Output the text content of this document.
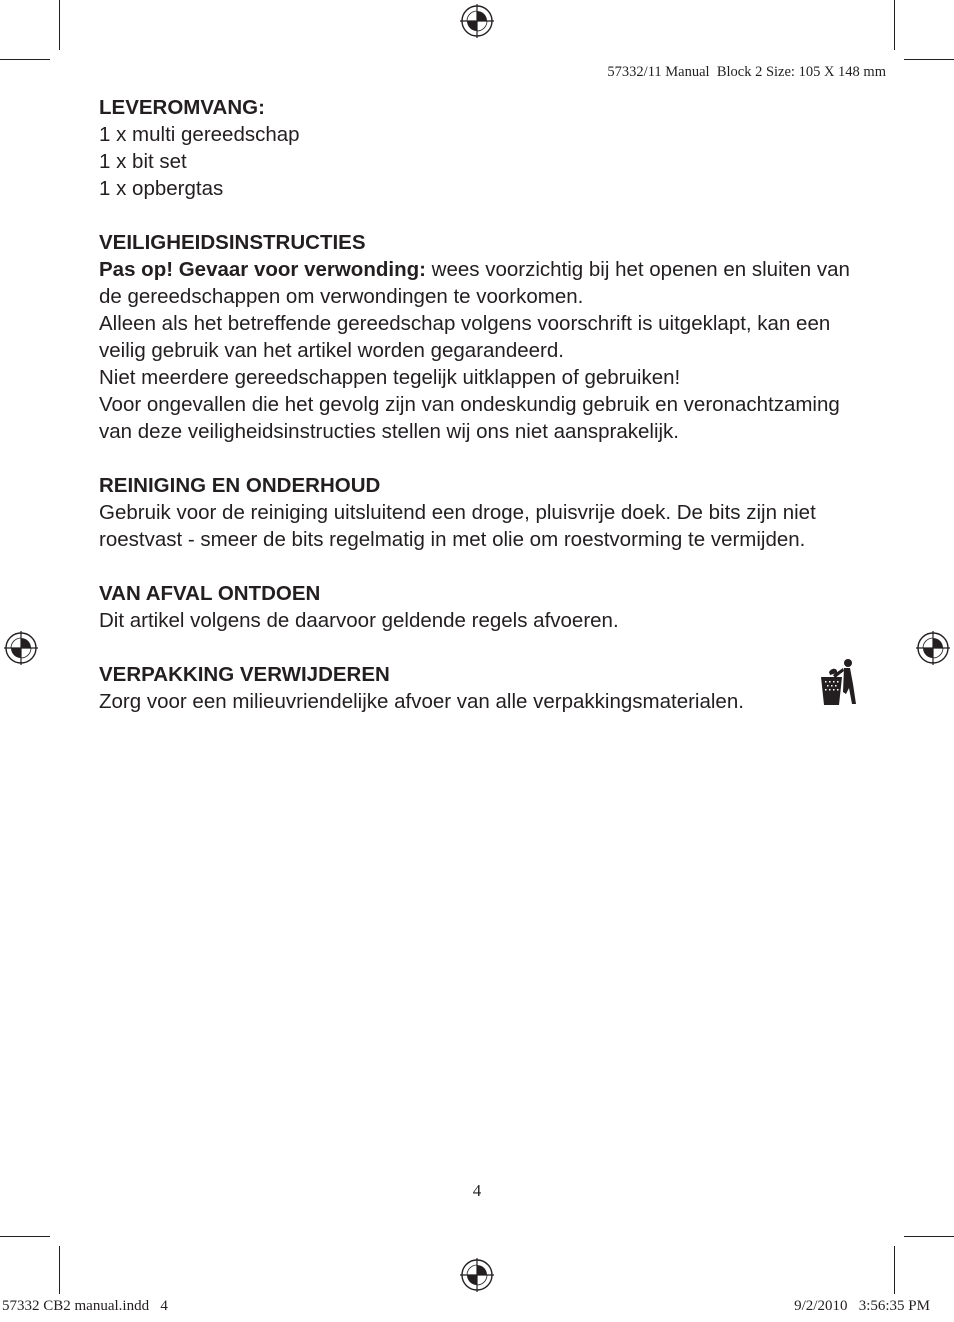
57332/11 Manual  Block 2 Size: 105 X 148 mm

LEVEROMVANG:

1 x multi gereedschap

1 x bit set

1 x opbergtas

VEILIGHEIDSINSTRUCTIES

Pas op! Gevaar voor verwonding: wees voorzichtig bij het openen en sluiten van de gereedschappen om verwondingen te voorkomen.

Alleen als het betreffende gereedschap volgens voorschrift is uitgeklapt, kan een veilig gebruik van het artikel worden gegarandeerd.

Niet meerdere gereedschappen tegelijk uitklappen of gebruiken!

Voor ongevallen die het gevolg zijn van ondeskundig gebruik en veronachtzaming van deze veiligheidsinstructies stellen wij ons niet aansprakelijk.

REINIGING EN ONDERHOUD

Gebruik voor de reiniging uitsluitend een droge, pluisvrije doek. De bits zijn niet roestvast - smeer de bits regelmatig in met olie om roestvorming te vermijden.

VAN AFVAL ONTDOEN

Dit artikel volgens de daarvoor geldende regels afvoeren.

VERPAKKING VERWIJDEREN

Zorg voor een milieuvriendelijke afvoer van alle verpakkingsmaterialen.

4
57332 CB2 manual.indd   4	9/2/2010   3:56:35 PM
